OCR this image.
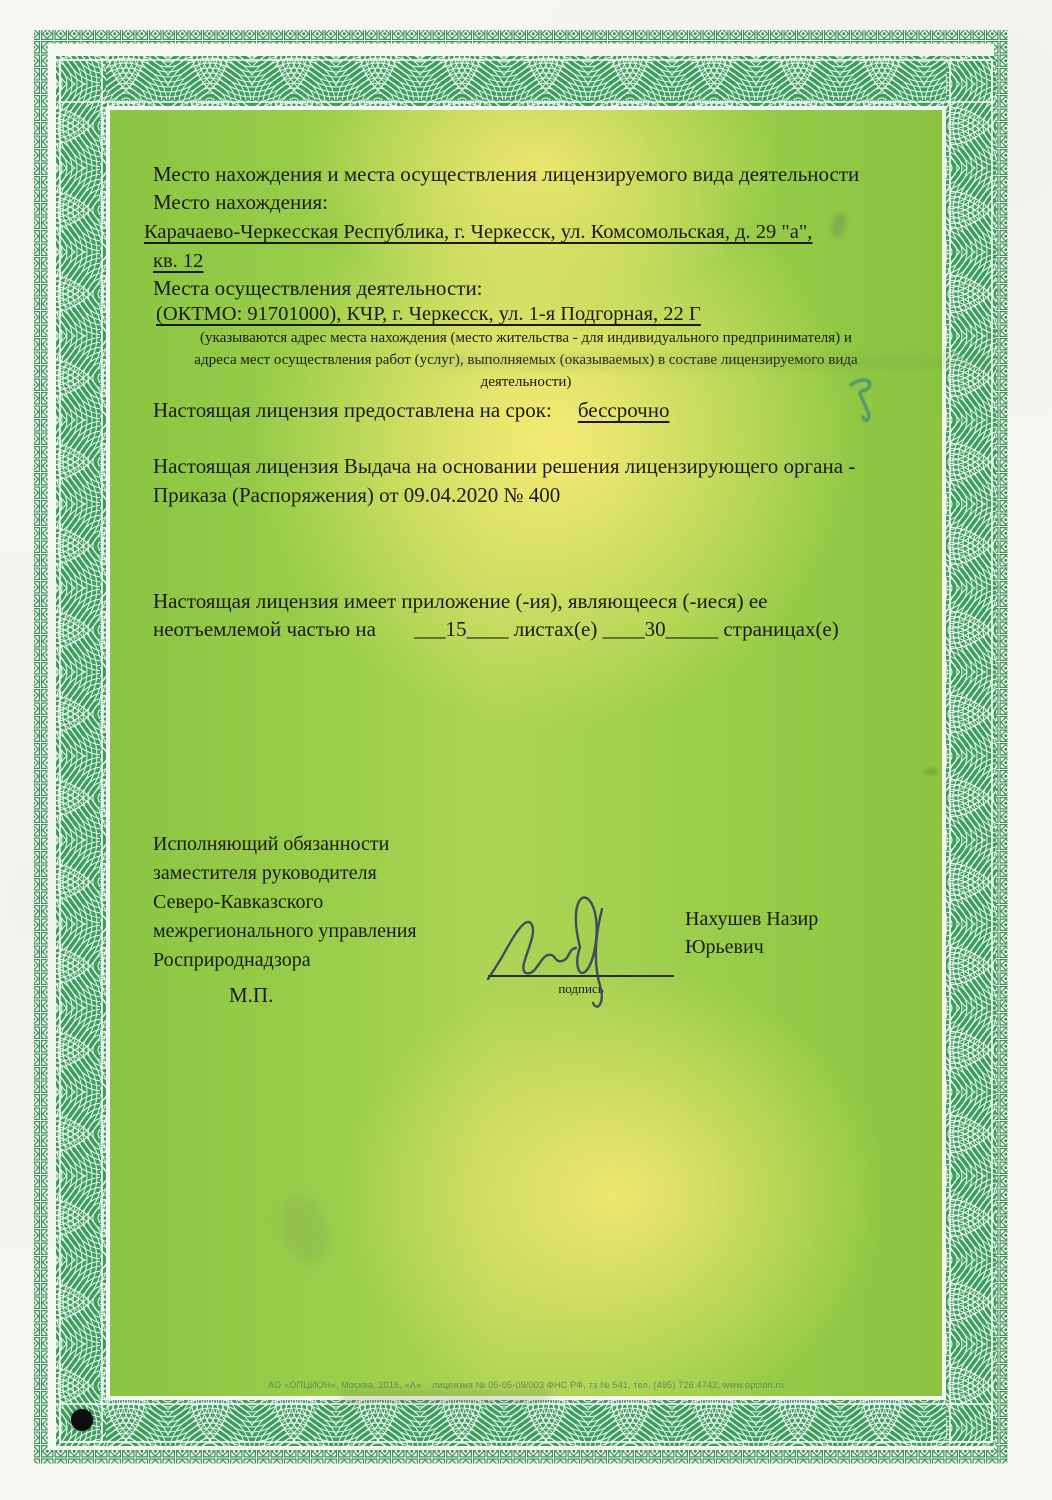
Место нахождения и места осуществления лицензируемого вида деятельности
Место нахождения:
Карачаево-Черкесская Республика, г. Черкесск, ул. Комсомольская, д. 29 "а",
кв. 12
Места осуществления деятельности:
(ОКТМО: 91701000), КЧР, г. Черкесск, ул. 1-я Подгорная, 22 Г
(указываются адрес места нахождения (место жительства - для индивидуального предпринимателя) и
адреса мест осуществления работ (услуг), выполняемых (оказываемых) в составе лицензируемого вида
деятельности)
Настоящая лицензия предоставлена на срок: бессрочно
Настоящая лицензия Выдача на основании решения лицензирующего органа -
Приказа (Распоряжения) от 09.04.2020 № 400
Настоящая лицензия имеет приложение (-ия), являющееся (-иеся) ее
неотъемлемой частью на ___15____ листах(е) ____30_____ страницах(е)
Исполняющий обязанности
заместителя руководителя
Северо-Кавказского
межрегионального управления
Росприроднадзора
М.П.	подпись
Нахушев Назир
Юрьевич
АО «ОПЦИОН», Москва, 2016, «А»    лицензия № 05-05-09/003 ФНС РФ, тз № 541, тел. (495) 726 4742, www.opcion.ru
